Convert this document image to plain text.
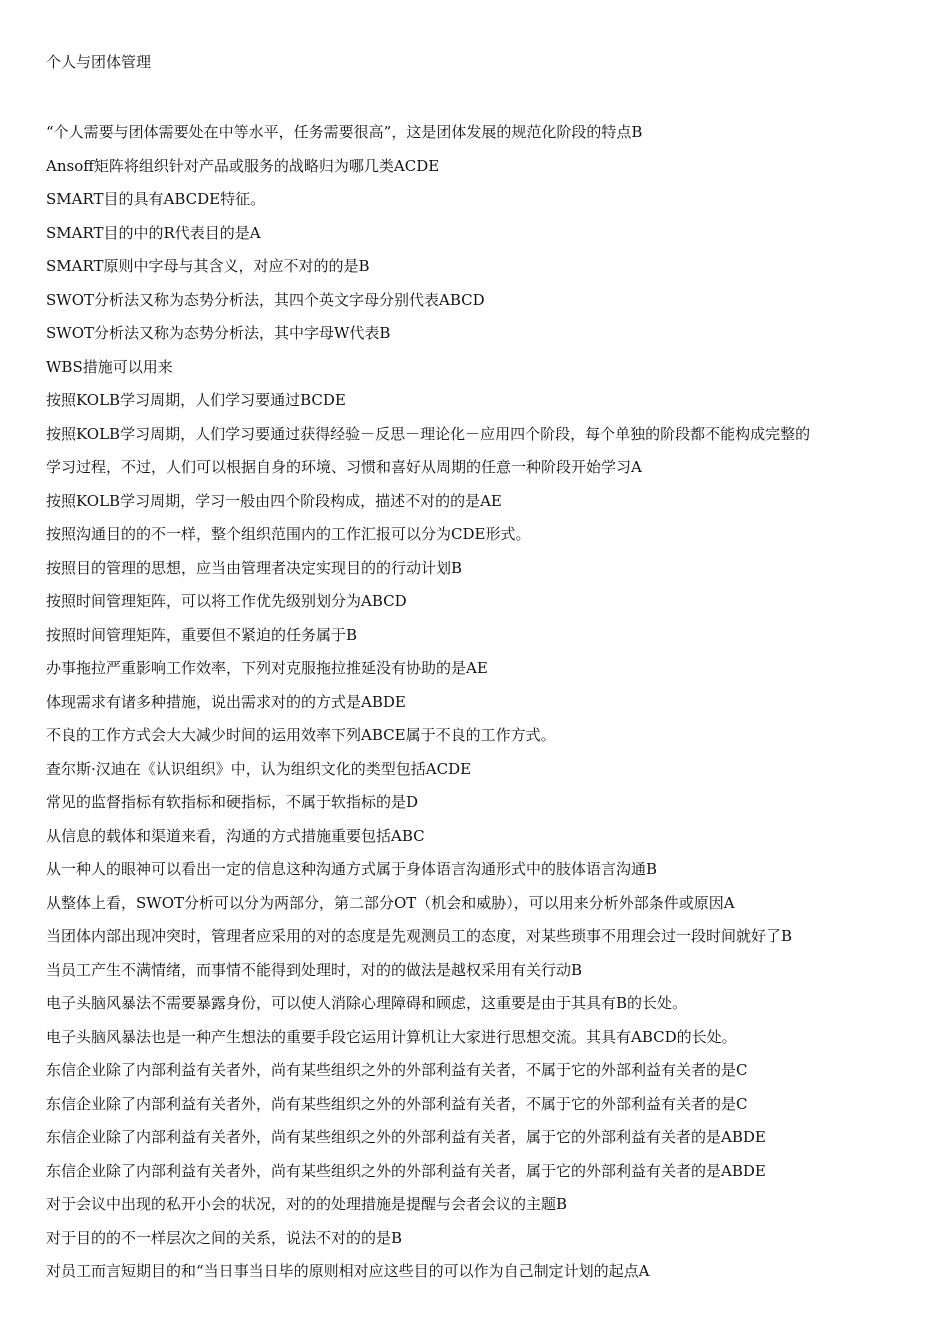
个人与团体管理
“个人需要与团体需要处在中等水平，任务需要很高”，这是团体发展的规范化阶段的特点B
Ansoff矩阵将组织针对产品或服务的战略归为哪几类ACDE
SMART目的具有ABCDE特征。
SMART目的中的R代表目的是A
SMART原则中字母与其含义，对应不对的的是B
SWOT分析法又称为态势分析法，其四个英文字母分别代表ABCD
SWOT分析法又称为态势分析法，其中字母W代表B
WBS措施可以用来
按照KOLB学习周期，人们学习要通过BCDE
按照KOLB学习周期，人们学习要通过获得经验－反思－理论化－应用四个阶段，每个单独的阶段都不能构成完整的
学习过程，不过，人们可以根据自身的环境、习惯和喜好从周期的任意一种阶段开始学习A
按照KOLB学习周期，学习一般由四个阶段构成，描述不对的的是AE
按照沟通目的的不一样，整个组织范围内的工作汇报可以分为CDE形式。
按照目的管理的思想，应当由管理者决定实现目的的行动计划B
按照时间管理矩阵，可以将工作优先级别划分为ABCD
按照时间管理矩阵，重要但不紧迫的任务属于B
办事拖拉严重影响工作效率，下列对克服拖拉推延没有协助的是AE
体现需求有诸多种措施，说出需求对的的方式是ABDE
不良的工作方式会大大减少时间的运用效率下列ABCE属于不良的工作方式。
查尔斯·汉迪在《认识组织》中，认为组织文化的类型包括ACDE
常见的监督指标有软指标和硬指标，不属于软指标的是D
从信息的载体和渠道来看，沟通的方式措施重要包括ABC
从一种人的眼神可以看出一定的信息这种沟通方式属于身体语言沟通形式中的肢体语言沟通B
从整体上看，SWOT分析可以分为两部分，第二部分OT（机会和威胁），可以用来分析外部条件或原因A
当团体内部出现冲突时，管理者应采用的对的态度是先观测员工的态度，对某些琐事不用理会过一段时间就好了B
当员工产生不满情绪，而事情不能得到处理时，对的的做法是越权采用有关行动B
电子头脑风暴法不需要暴露身份，可以使人消除心理障碍和顾虑，这重要是由于其具有B的长处。
电子头脑风暴法也是一种产生想法的重要手段它运用计算机让大家进行思想交流。其具有ABCD的长处。
东信企业除了内部利益有关者外，尚有某些组织之外的外部利益有关者，不属于它的外部利益有关者的是C
东信企业除了内部利益有关者外，尚有某些组织之外的外部利益有关者，不属于它的外部利益有关者的是C
东信企业除了内部利益有关者外，尚有某些组织之外的外部利益有关者，属于它的外部利益有关者的是ABDE
东信企业除了内部利益有关者外，尚有某些组织之外的外部利益有关者，属于它的外部利益有关者的是ABDE
对于会议中出现的私开小会的状况，对的的处理措施是提醒与会者会议的主题B
对于目的的不一样层次之间的关系，说法不对的的是B
对员工而言短期目的和“当日事当日毕的原则相对应这些目的可以作为自己制定计划的起点A
